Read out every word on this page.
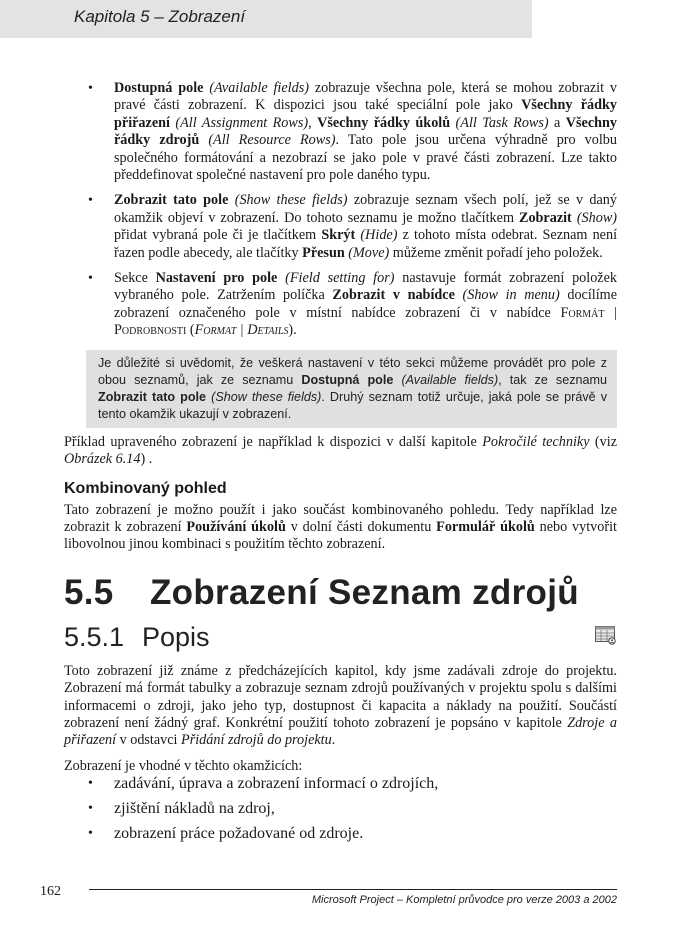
Kapitola 5 – Zobrazení

• Dostupná pole (Available fields) zobrazuje všechna pole, která se mohou zobrazit v pravé části zobrazení. K dispozici jsou také speciální pole jako Všechny řádky přiřazení (All Assignment Rows), Všechny řádky úkolů (All Task Rows) a Všechny řádky zdrojů (All Resource Rows). Tato pole jsou určena výhradně pro volbu společného formátování a nezobrazí se jako pole v pravé části zobrazení. Lze takto předdefinovat společné nastavení pro pole daného typu.

• Zobrazit tato pole (Show these fields) zobrazuje seznam všech polí, jež se v daný okamžik objeví v zobrazení. Do tohoto seznamu je možno tlačítkem Zobrazit (Show) přidat vybraná pole či je tlačítkem Skrýt (Hide) z tohoto místa odebrat. Seznam není řazen podle abecedy, ale tlačítky Přesun (Move) můžeme změnit pořadí jeho položek.

• Sekce Nastavení pro pole (Field setting for) nastavuje formát zobrazení položek vybraného pole. Zatržením políčka Zobrazit v nabídce (Show in menu) docílíme zobrazení označeného pole v místní nabídce zobrazení či v nabídce Formát | Podrobnosti (Format | Details).

Je důležité si uvědomit, že veškerá nastavení v této sekci můžeme provádět pro pole z obou seznamů, jak ze seznamu Dostupná pole (Available fields), tak ze seznamu Zobrazit tato pole (Show these fields). Druhý seznam totiž určuje, jaká pole se právě v tento okamžik ukazují v zobrazení.

Příklad upraveného zobrazení je například k dispozici v další kapitole Pokročilé techniky (viz Obrázek 6.14) .

Kombinovaný pohled

Tato zobrazení je možno použít i jako součást kombinovaného pohledu. Tedy například lze zobrazit k zobrazení Používání úkolů v dolní části dokumentu Formulář úkolů nebo vytvořit libovolnou jinou kombinaci s použitím těchto zobrazení.

5.5 Zobrazení Seznam zdrojů
5.5.1 Popis

Toto zobrazení již známe z předcházejících kapitol, kdy jsme zadávali zdroje do projektu. Zobrazení má formát tabulky a zobrazuje seznam zdrojů používaných v projektu spolu s dalšími informacemi o zdroji, jako jeho typ, dostupnost či kapacita a náklady na použití. Součástí zobrazení není žádný graf. Konkrétní použití tohoto zobrazení je popsáno v kapitole Zdroje a přiřazení v odstavci Přidání zdrojů do projektu.

Zobrazení je vhodné v těchto okamžicích:

• zadávání, úprava a zobrazení informací o zdrojích,
• zjištění nákladů na zdroj,
• zobrazení práce požadované od zdroje.
162
Microsoft Project – Kompletní průvodce pro verze 2003 a 2002
